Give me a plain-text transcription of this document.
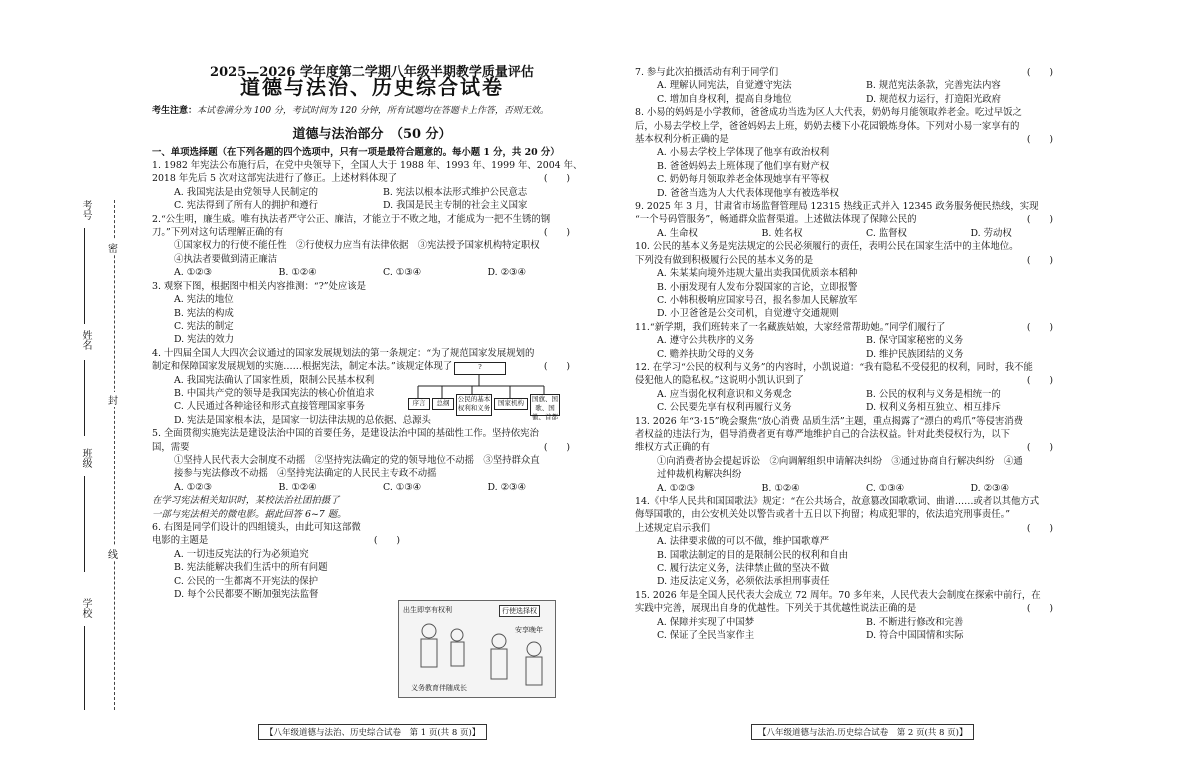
考号
姓名
班级
学校
密
封
线
2025—2026 学年度第二学期八年级半期教学质量评估
道德与法治、历史综合试卷
考生注意：本试卷满分为 100 分，考试时间为 120 分钟，所有试题均在答题卡上作答，否则无效。
道德与法治部分　（50 分）
一、单项选择题（在下列各题的四个选项中，只有一项是最符合题意的。每小题 1 分，共 20 分）
1. 1982 年宪法公布施行后，在党中央领导下，全国人大于 1988 年、1993 年、1999 年、2004 年、
2018 年先后 5 次对这部宪法进行了修正。上述材料体现了	(　　)
A. 我国宪法是由党领导人民制定的	B. 宪法以根本法形式维护公民意志
C. 宪法得到了所有人的拥护和遵行	D. 我国是民主专制的社会主义国家
2.“公生明，廉生威。唯有执法者严守公正、廉洁，才能立于不败之地，才能成为一把不生锈的钢
刀。”下列对这句话理解正确的有	(　　)
①国家权力的行使不能任性　②行使权力应当有法律依据　③宪法授予国家机构特定职权
④执法者要做到清正廉洁
A. ①②③	B. ①②④	C. ①③④	D. ②③④
3. 观察下图，根据图中相关内容推测：“?”处应该是
A. 宪法的地位
B. 宪法的构成
C. 宪法的制定
D. 宪法的效力
4. 十四届全国人大四次会议通过的国家发展规划法的第一条规定：“为了规范国家发展规划的
制定和保障国家发展规划的实施……根据宪法，制定本法。”该规定体现了	(　　)
A. 我国宪法确认了国家性质，限制公民基本权利
B. 中国共产党的领导是我国宪法的核心价值追求
C. 人民通过各种途径和形式直接管理国家事务
D. 宪法是国家根本法，是国家一切法律法规的总依据、总源头
5. 全面贯彻实施宪法是建设法治中国的首要任务，是建设法治中国的基础性工作。坚持依宪治
国，需要	(　　)
①坚持人民代表大会制度不动摇　②坚持宪法确定的党的领导地位不动摇　③坚持群众直
接参与宪法修改不动摇　④坚持宪法确定的人民民主专政不动摇
A. ①②③	B. ①②④	C. ①③④	D. ②③④
在学习宪法相关知识时，某校法治社团拍摄了
一部与宪法相关的微电影。据此回答 6~7 题。
6. 右图是同学们设计的四组镜头，由此可知这部微
电影的主题是	(　　)
A. 一切违反宪法的行为必须追究
B. 宪法能解决我们生活中的所有问题
C. 公民的一生都离不开宪法的保护
D. 每个公民都要不断加强宪法监督
?
序言	总纲	公民的基本权利和义务
国家机构	国旗、国歌、国徽、首都
出生即享有权利	行使选择权
义务教育伴随成长
安享晚年
【八年级道德与法治、历史综合试卷　第 1 页(共 8 页)】
7. 参与此次拍摄活动有利于同学们	(　　)
A. 理解认同宪法，自觉遵守宪法	B. 规范宪法条款，完善宪法内容
C. 增加自身权利，提高自身地位	D. 规范权力运行，打造阳光政府
8. 小易的妈妈是小学教师，爸爸成功当选为区人大代表，奶奶每月能领取养老金。吃过早饭之
后，小易去学校上学，爸爸妈妈去上班，奶奶去楼下小花园锻炼身体。下列对小易一家享有的
基本权利分析正确的是	(　　)
A. 小易去学校上学体现了他享有政治权利
B. 爸爸妈妈去上班体现了他们享有财产权
C. 奶奶每月领取养老金体现她享有平等权
D. 爸爸当选为人大代表体现他享有被选举权
9. 2025 年 3 月，甘肃省市场监督管理局 12315 热线正式并入 12345 政务服务便民热线，实现
“一个号码管服务”，畅通群众监督渠道。上述做法体现了保障公民的	(　　)
A. 生命权	B. 姓名权	C. 监督权	D. 劳动权
10. 公民的基本义务是宪法规定的公民必须履行的责任，表明公民在国家生活中的主体地位。
下列没有做到积极履行公民的基本义务的是	(　　)
A. 朱某某向境外违规大量出卖我国优质亲本稻种
B. 小丽发现有人发布分裂国家的言论，立即报警
C. 小韩积极响应国家号召，报名参加人民解放军
D. 小卫爸爸是公交司机，自觉遵守交通规则
11.“新学期，我们班转来了一名藏族姑娘，大家经常帮助她。”同学们履行了	(　　)
A. 遵守公共秩序的义务	B. 保守国家秘密的义务
C. 赡养扶助父母的义务	D. 维护民族团结的义务
12. 在学习“公民的权利与义务”的内容时，小凯说道：“我有隐私不受侵犯的权利，同时，我不能
侵犯他人的隐私权。”这说明小凯认识到了	(　　)
A. 应当弱化权利意识和义务观念	B. 公民的权利与义务是相统一的
C. 公民要先享有权利再履行义务	D. 权利义务相互独立、相互排斥
13. 2026 年“3·15”晚会聚焦“放心消费 品质生活”主题，重点揭露了“漂白的鸡爪”等侵害消费
者权益的违法行为，倡导消费者更有尊严地维护自己的合法权益。针对此类侵权行为，以下
维权方式正确的有	(　　)
①向消费者协会提起诉讼　②向调解组织申请解决纠纷　③通过协商自行解决纠纷　④通
过仲裁机构解决纠纷
A. ①②③	B. ①②④	C. ①③④	D. ②③④
14.《中华人民共和国国歌法》规定：“在公共场合，故意篡改国歌歌词、曲谱……或者以其他方式
侮辱国歌的，由公安机关处以警告或者十五日以下拘留；构成犯罪的，依法追究刑事责任。”
上述规定启示我们	(　　)
A. 法律要求做的可以不做，维护国歌尊严
B. 国歌法制定的目的是限制公民的权利和自由
C. 履行法定义务，法律禁止做的坚决不做
D. 违反法定义务，必须依法承担刑事责任
15. 2026 年是全国人民代表大会成立 72 周年。70 多年来，人民代表大会制度在探索中前行，在
实践中完善，展现出自身的优越性。下列关于其优越性说法正确的是	(　　)
A. 保障并实现了中国梦	B. 不断进行修改和完善
C. 保证了全民当家作主	D. 符合中国国情和实际
【八年级道德与法治.历史综合试卷　第 2 页(共 8 页)】
